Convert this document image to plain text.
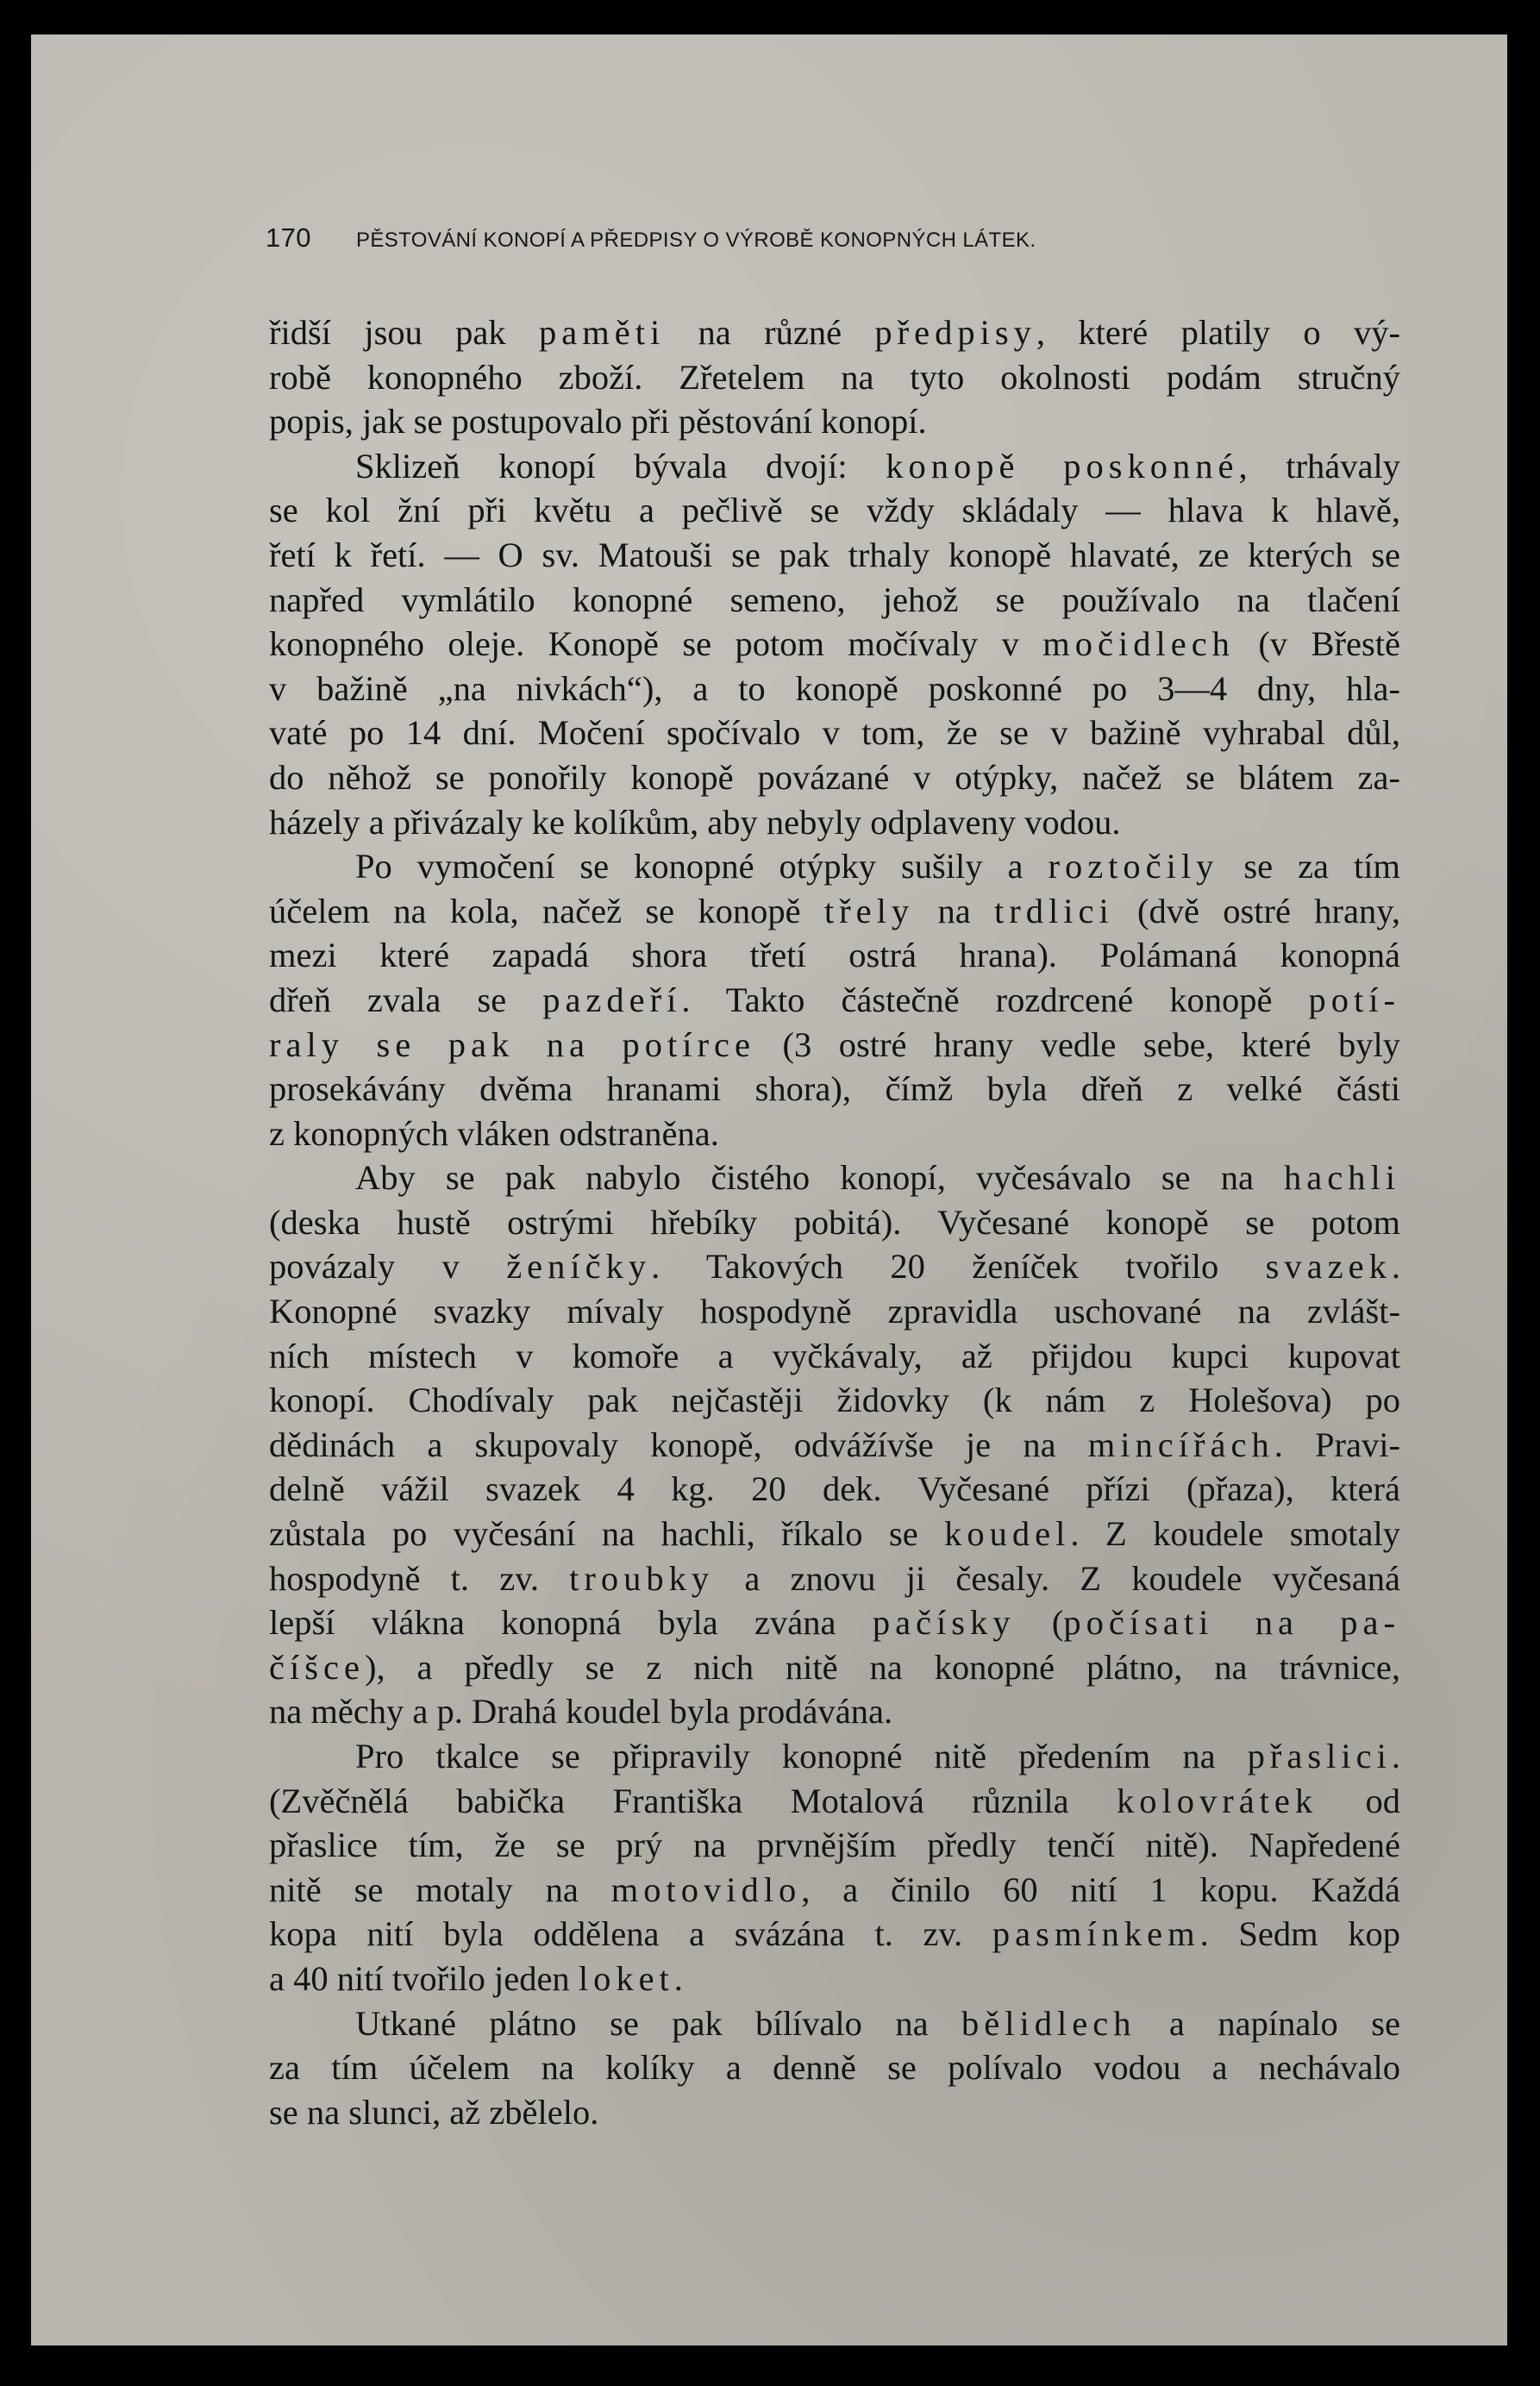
170 PĚSTOVÁNÍ KONOPÍ A PŘEDPISY O VÝROBĚ KONOPNÝCH LÁTEK.
řidší jsou pak paměti na různé předpisy, které platily o vý-
robě konopného zboží. Zřetelem na tyto okolnosti podám stručný
popis, jak se postupovalo při pěstování konopí.
Sklizeň konopí bývala dvojí: konopě poskonné, trhávaly
se kol žní při květu a pečlivě se vždy skládaly — hlava k hlavě,
řetí k řetí. — O sv. Matouši se pak trhaly konopě hlavaté, ze kterých se
napřed vymlátilo konopné semeno, jehož se používalo na tlačení
konopného oleje. Konopě se potom močívaly v močidlech (v Břestě
v bažině „na nivkách“), a to konopě poskonné po 3—4 dny, hla-
vaté po 14 dní. Močení spočívalo v tom, že se v bažině vyhrabal důl,
do něhož se ponořily konopě povázané v otýpky, načež se blátem za-
házely a přivázaly ke kolíkům, aby nebyly odplaveny vodou.
Po vymočení se konopné otýpky sušily a roztočily se za tím
účelem na kola, načež se konopě třely na trdlici (dvě ostré hrany,
mezi které zapadá shora třetí ostrá hrana). Polámaná konopná
dřeň zvala se pazdeří. Takto částečně rozdrcené konopě potí-
raly se pak na potírce (3 ostré hrany vedle sebe, které byly
prosekávány dvěma hranami shora), čímž byla dřeň z velké části
z konopných vláken odstraněna.
Aby se pak nabylo čistého konopí, vyčesávalo se na hachli
(deska hustě ostrými hřebíky pobitá). Vyčesané konopě se potom
povázaly v ženíčky. Takových 20 ženíček tvořilo svazek.
Konopné svazky mívaly hospodyně zpravidla uschované na zvlášt-
ních místech v komoře a vyčkávaly, až přijdou kupci kupovat
konopí. Chodívaly pak nejčastěji židovky (k nám z Holešova) po
dědinách a skupovaly konopě, odvážívše je na mincířách. Pravi-
delně vážil svazek 4 kg. 20 dek. Vyčesané přízi (přaza), která
zůstala po vyčesání na hachli, říkalo se koudel. Z koudele smotaly
hospodyně t. zv. troubky a znovu ji česaly. Z koudele vyčesaná
lepší vlákna konopná byla zvána pačísky (počísati na pa-
číšce), a předly se z nich nitě na konopné plátno, na trávnice,
na měchy a p. Drahá koudel byla prodávána.
Pro tkalce se připravily konopné nitě předením na přaslici.
(Zvěčnělá babička Františka Motalová různila kolovrátek od
přaslice tím, že se prý na prvnějším předly tenčí nitě). Napředené
nitě se motaly na motovidlo, a činilo 60 nití 1 kopu. Každá
kopa nití byla oddělena a svázána t. zv. pasmínkem. Sedm kop
a 40 nití tvořilo jeden loket.
Utkané plátno se pak bílívalo na bělidlech a napínalo se
za tím účelem na kolíky a denně se polívalo vodou a nechávalo
se na slunci, až zbělelo.
